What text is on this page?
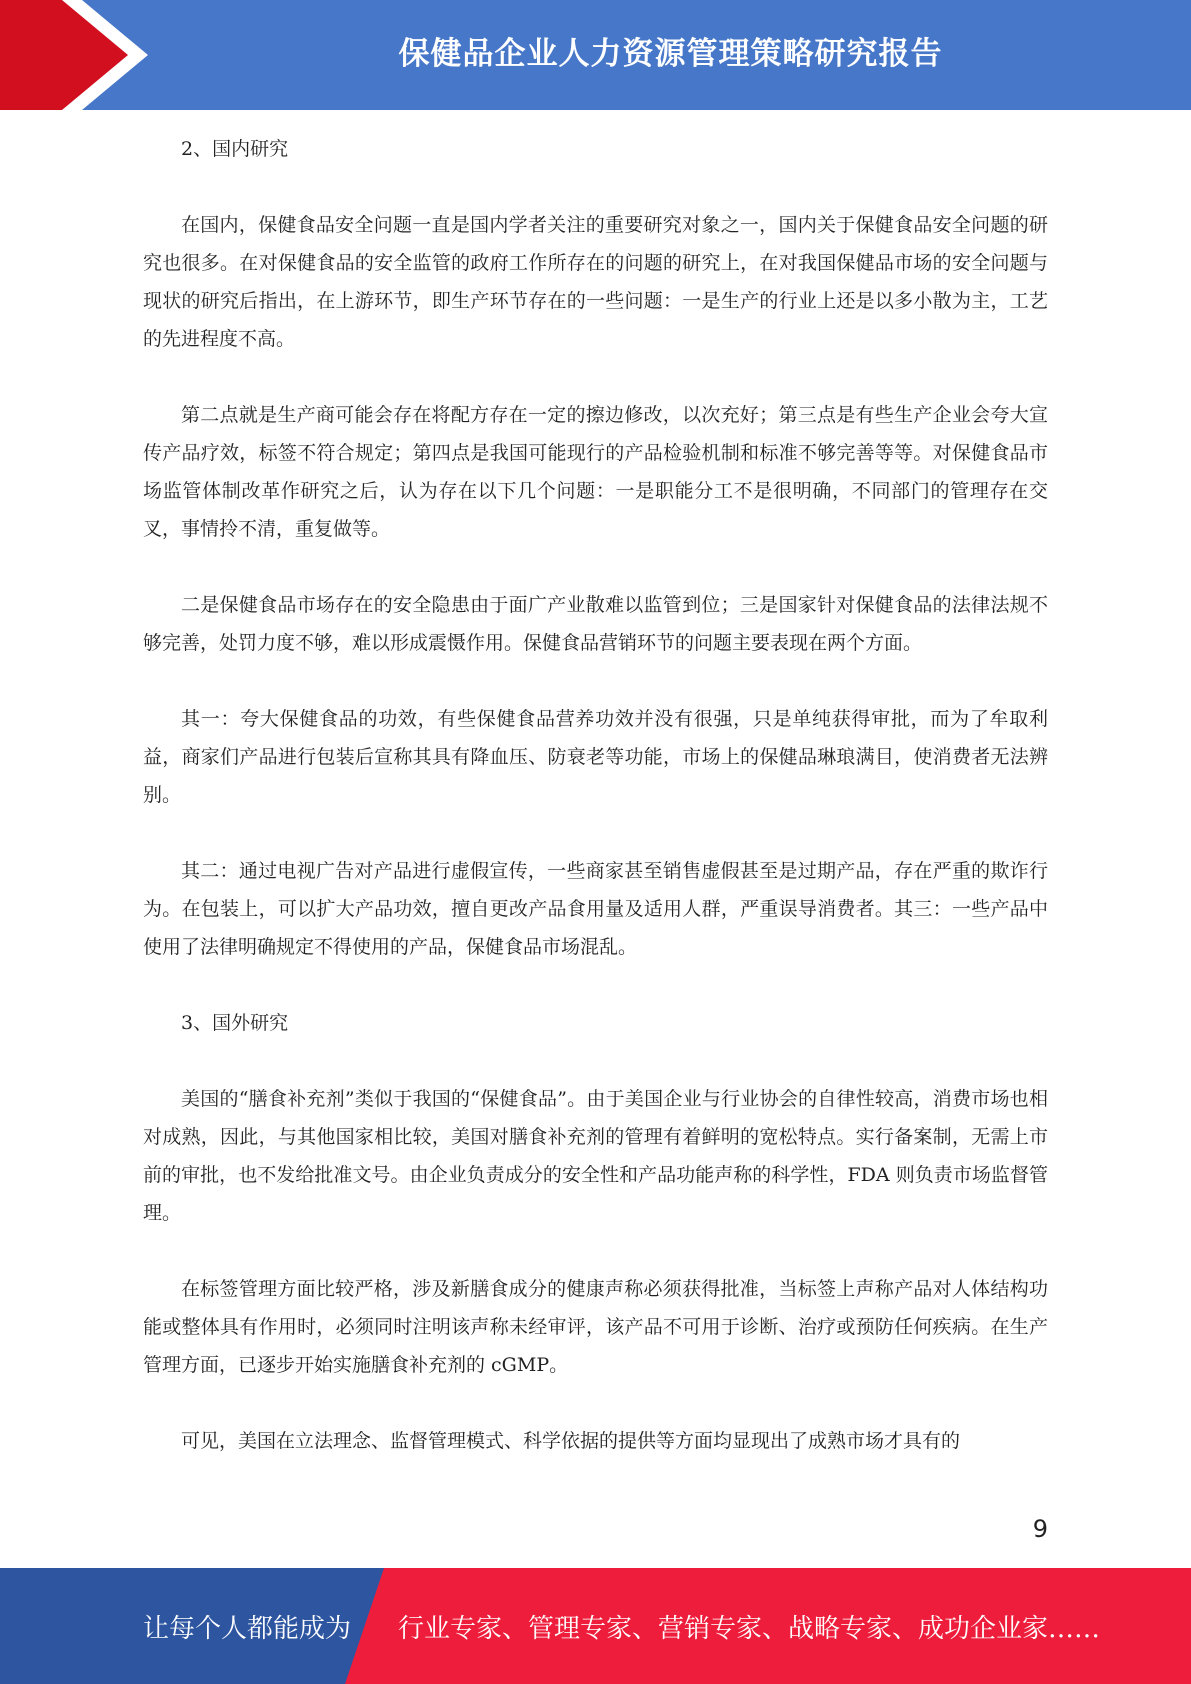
保健品企业人力资源管理策略研究报告

2、国内研究

在国内，保健食品安全问题一直是国内学者关注的重要研究对象之一，国内关于保健食品安全问题的研究也很多。在对保健食品的安全监管的政府工作所存在的问题的研究上，在对我国保健品市场的安全问题与现状的研究后指出，在上游环节，即生产环节存在的一些问题：一是生产的行业上还是以多小散为主，工艺的先进程度不高。

第二点就是生产商可能会存在将配方存在一定的擦边修改，以次充好；第三点是有些生产企业会夸大宣传产品疗效，标签不符合规定；第四点是我国可能现行的产品检验机制和标准不够完善等等。对保健食品市场监管体制改革作研究之后，认为存在以下几个问题：一是职能分工不是很明确，不同部门的管理存在交叉，事情拎不清，重复做等。

二是保健食品市场存在的安全隐患由于面广产业散难以监管到位；三是国家针对保健食品的法律法规不够完善，处罚力度不够，难以形成震慑作用。保健食品营销环节的问题主要表现在两个方面。

其一：夸大保健食品的功效，有些保健食品营养功效并没有很强，只是单纯获得审批，而为了牟取利益，商家们产品进行包装后宣称其具有降血压、防衰老等功能，市场上的保健品琳琅满目，使消费者无法辨别。

其二：通过电视广告对产品进行虚假宣传，一些商家甚至销售虚假甚至是过期产品，存在严重的欺诈行为。在包装上，可以扩大产品功效，擅自更改产品食用量及适用人群，严重误导消费者。其三：一些产品中使用了法律明确规定不得使用的产品，保健食品市场混乱。

3、国外研究

美国的“膳食补充剂”类似于我国的“保健食品”。由于美国企业与行业协会的自律性较高，消费市场也相对成熟，因此，与其他国家相比较，美国对膳食补充剂的管理有着鲜明的宽松特点。实行备案制，无需上市前的审批，也不发给批准文号。由企业负责成分的安全性和产品功能声称的科学性，FDA 则负责市场监督管理。

在标签管理方面比较严格，涉及新膳食成分的健康声称必须获得批准，当标签上声称产品对人体结构功能或整体具有作用时，必须同时注明该声称未经审评，该产品不可用于诊断、治疗或预防任何疾病。在生产管理方面，已逐步开始实施膳食补充剂的 cGMP。

可见，美国在立法理念、监督管理模式、科学依据的提供等方面均显现出了成熟市场才具有的

9
让每个人都能成为 行业专家、管理专家、营销专家、战略专家、成功企业家……
